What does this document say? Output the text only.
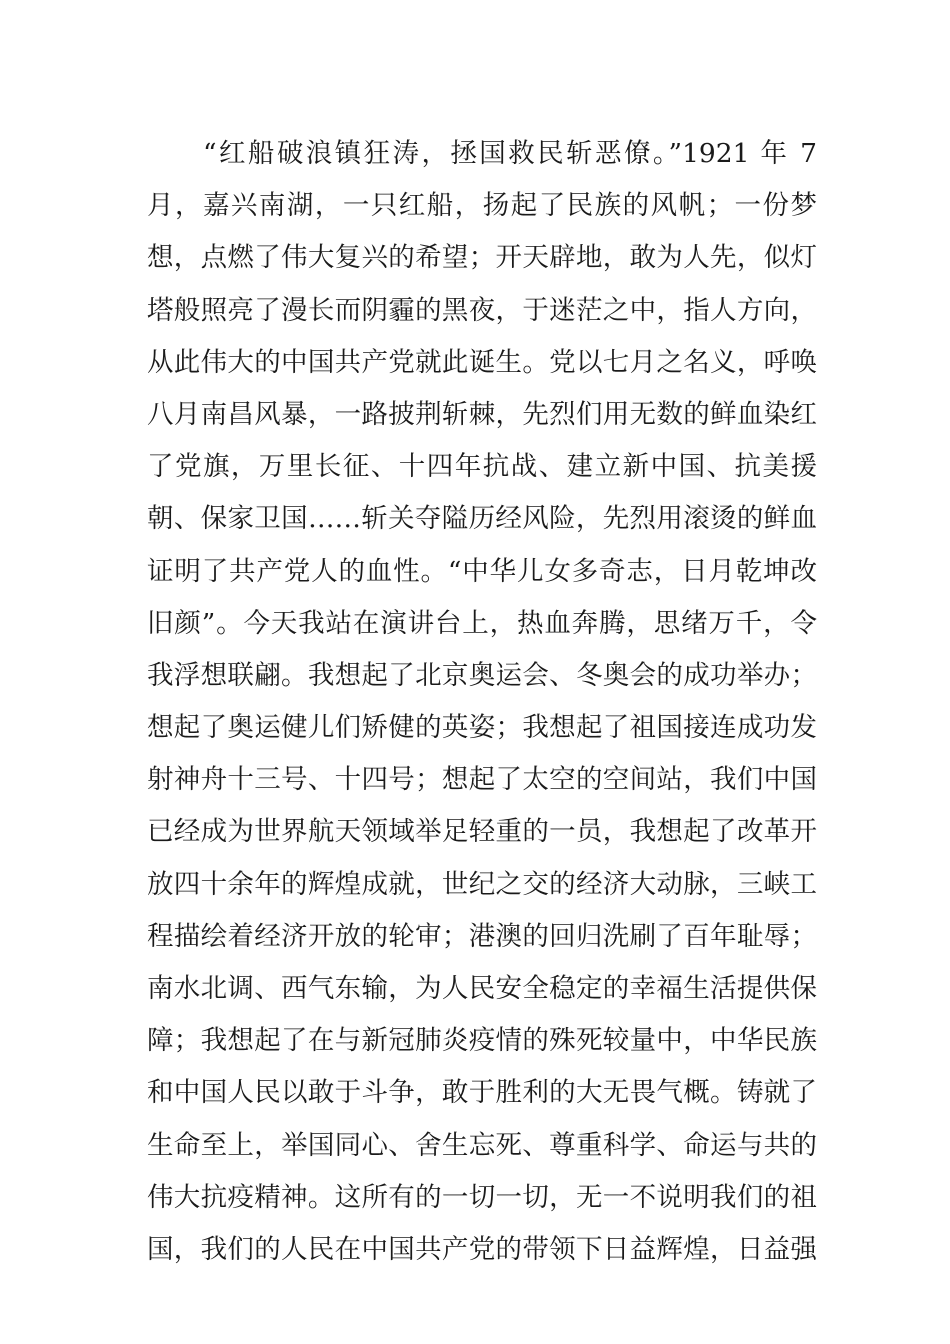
“红船破浪镇狂涛，拯国救民斩恶僚。”1921 年 7
月，嘉兴南湖，一只红船，扬起了民族的风帆；一份梦
想，点燃了伟大复兴的希望；开天辟地，敢为人先，似灯
塔般照亮了漫长而阴霾的黑夜，于迷茫之中，指人方向，
从此伟大的中国共产党就此诞生。党以七月之名义，呼唤
八月南昌风暴，一路披荆斩棘，先烈们用无数的鲜血染红
了党旗，万里长征、十四年抗战、建立新中国、抗美援
朝、保家卫国……斩关夺隘历经风险，先烈用滚烫的鲜血
证明了共产党人的血性。“中华儿女多奇志，日月乾坤改
旧颜”。今天我站在演讲台上，热血奔腾，思绪万千，令
我浮想联翩。我想起了北京奥运会、冬奥会的成功举办；
想起了奥运健儿们矫健的英姿；我想起了祖国接连成功发
射神舟十三号、十四号；想起了太空的空间站，我们中国
已经成为世界航天领域举足轻重的一员，我想起了改革开
放四十余年的辉煌成就，世纪之交的经济大动脉，三峡工
程描绘着经济开放的轮审；港澳的回归洗刷了百年耻辱；
南水北调、西气东输，为人民安全稳定的幸福生活提供保
障；我想起了在与新冠肺炎疫情的殊死较量中，中华民族
和中国人民以敢于斗争，敢于胜利的大无畏气概。铸就了
生命至上，举国同心、舍生忘死、尊重科学、命运与共的
伟大抗疫精神。这所有的一切一切，无一不说明我们的祖
国，我们的人民在中国共产党的带领下日益辉煌，日益强
